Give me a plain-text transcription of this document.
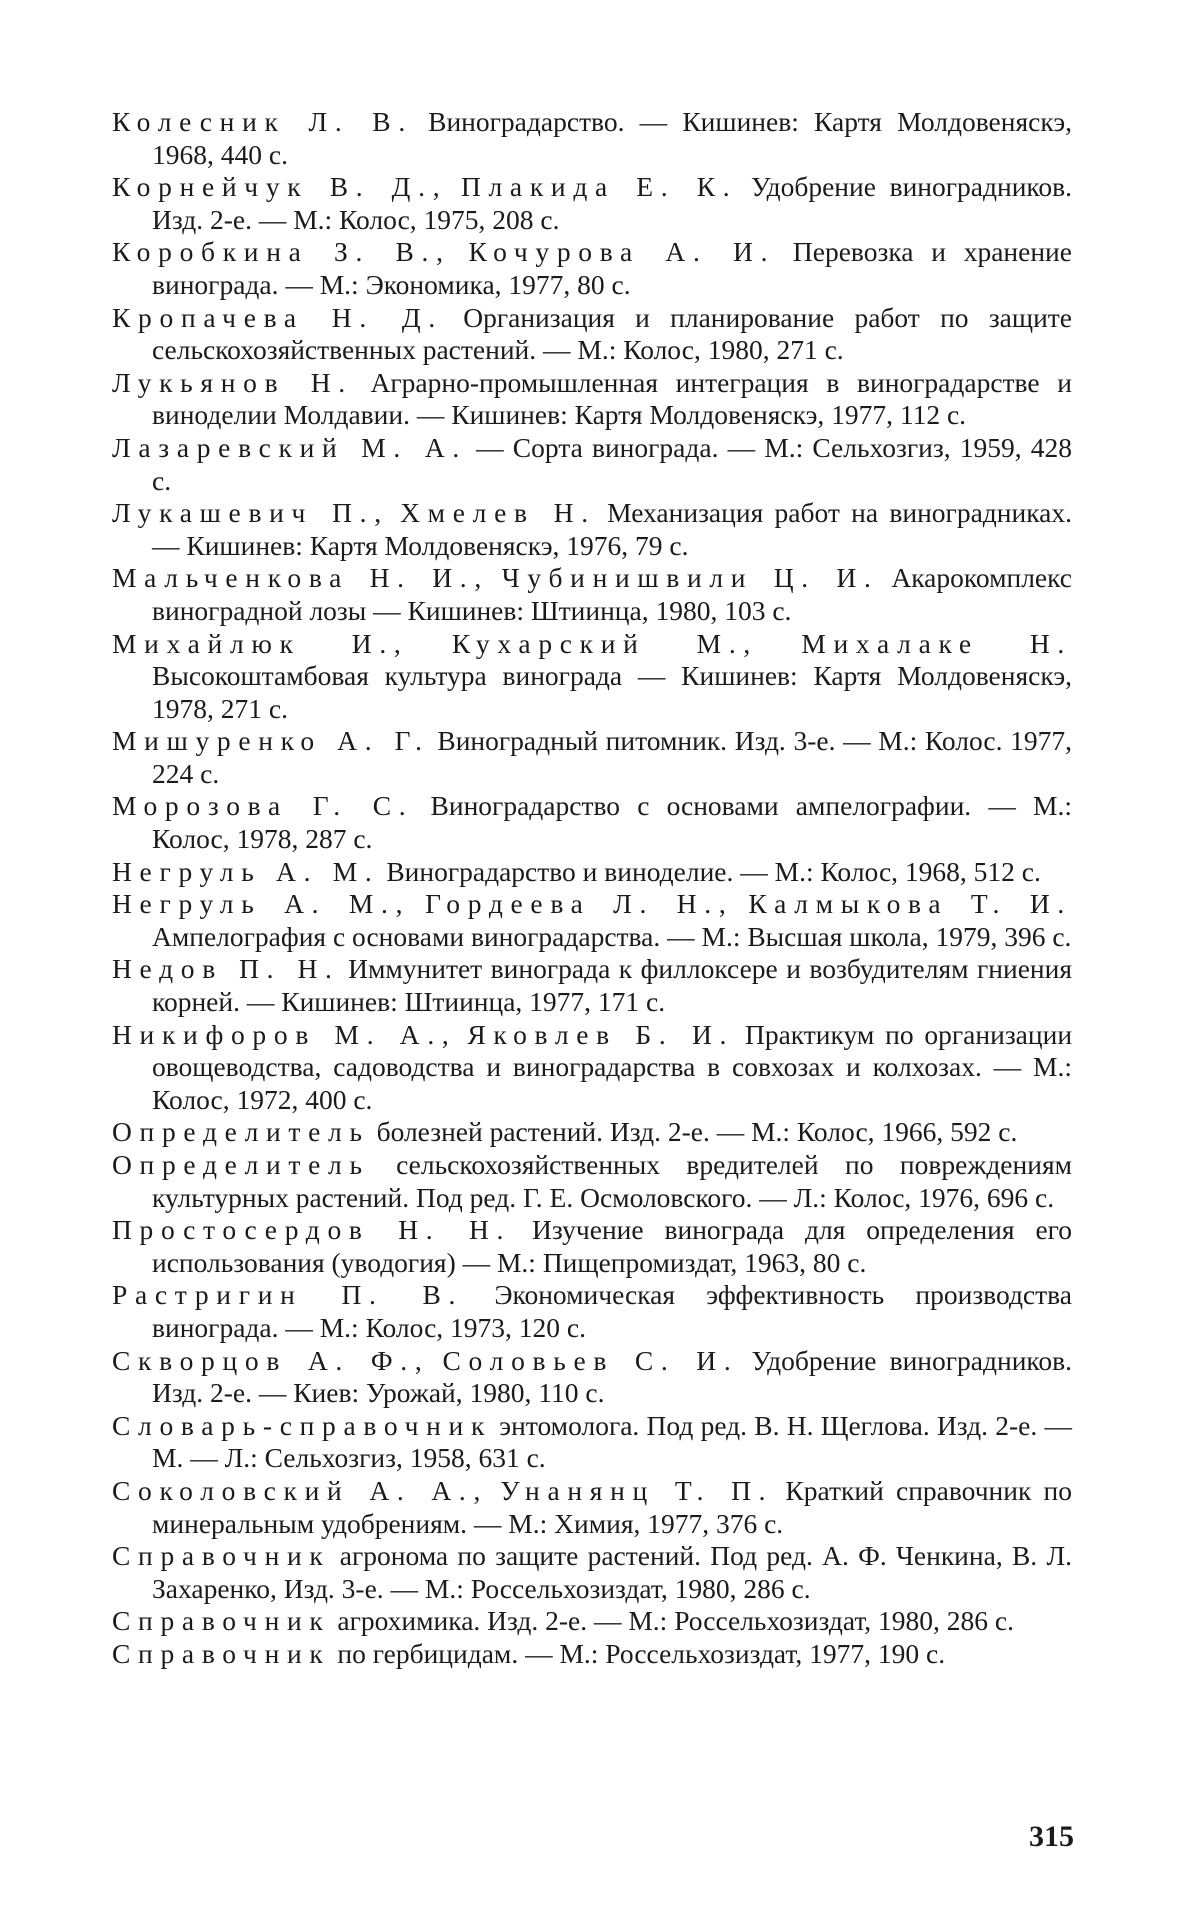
Колесник Л. В. Виноградарство. — Кишинев: Картя Молдовеняскэ, 1968, 440 с.

Корнейчук В. Д., Плакида Е. К. Удобрение виноградников. Изд. 2-е. — М.: Колос, 1975, 208 с.

Коробкина З. В., Кочурова А. И. Перевозка и хранение винограда. — М.: Экономика, 1977, 80 с.

Кропачева Н. Д. Организация и планирование работ по защите сельскохозяйственных растений. — М.: Колос, 1980, 271 с.

Лукьянов Н. Аграрно-промышленная интеграция в виноградарстве и виноделии Молдавии. — Кишинев: Картя Молдовеняскэ, 1977, 112 с.

Лазаревский М. А. — Сорта винограда. — М.: Сельхозгиз, 1959, 428 с.

Лукашевич П., Хмелев Н. Механизация работ на виноградниках. — Кишинев: Картя Молдовеняскэ, 1976, 79 с.

Мальченкова Н. И., Чубинишвили Ц. И. Акарокомплекс виноградной лозы — Кишинев: Штиинца, 1980, 103 с.

Михайлюк И., Кухарский М., Михалаке Н. Высокоштамбовая культура винограда — Кишинев: Картя Молдовеняскэ, 1978, 271 с.

Мишуренко А. Г. Виноградный питомник. Изд. 3-е. — М.: Колос. 1977, 224 с.

Морозова Г. С. Виноградарство с основами ампелографии. — М.: Колос, 1978, 287 с.

Негруль А. М. Виноградарство и виноделие. — М.: Колос, 1968, 512 с.

Негруль А. М., Гордеева Л. Н., Калмыкова Т. И. Ампелография с основами виноградарства. — М.: Высшая школа, 1979, 396 с.

Недов П. Н. Иммунитет винограда к филлоксере и возбудителям гниения корней. — Кишинев: Штиинца, 1977, 171 с.

Никифоров М. А., Яковлев Б. И. Практикум по организации овощеводства, садоводства и виноградарства в совхозах и колхозах. — М.: Колос, 1972, 400 с.

Определитель болезней растений. Изд. 2-е. — М.: Колос, 1966, 592 с.

Определитель сельскохозяйственных вредителей по повреждениям культурных растений. Под ред. Г. Е. Осмоловского. — Л.: Колос, 1976, 696 с.

Простосердов Н. Н. Изучение винограда для определения его использования (уводогия) — М.: Пищепромиздат, 1963, 80 с.

Растригин П. В. Экономическая эффективность производства винограда. — М.: Колос, 1973, 120 с.

Скворцов А. Ф., Соловьев С. И. Удобрение виноградников. Изд. 2-е. — Киев: Урожай, 1980, 110 с.

Словарь-справочник энтомолога. Под ред. В. Н. Щеглова. Изд. 2-е. — М. — Л.: Сельхозгиз, 1958, 631 с.

Соколовский А. А., Унанянц Т. П. Краткий справочник по минеральным удобрениям. — М.: Химия, 1977, 376 с.

Справочник агронома по защите растений. Под ред. А. Ф. Ченкина, В. Л. Захаренко, Изд. 3-е. — М.: Россельхозиздат, 1980, 286 с.

Справочник агрохимика. Изд. 2-е. — М.: Россельхозиздат, 1980, 286 с.

Справочник по гербицидам. — М.: Россельхозиздат, 1977, 190 с.

315
